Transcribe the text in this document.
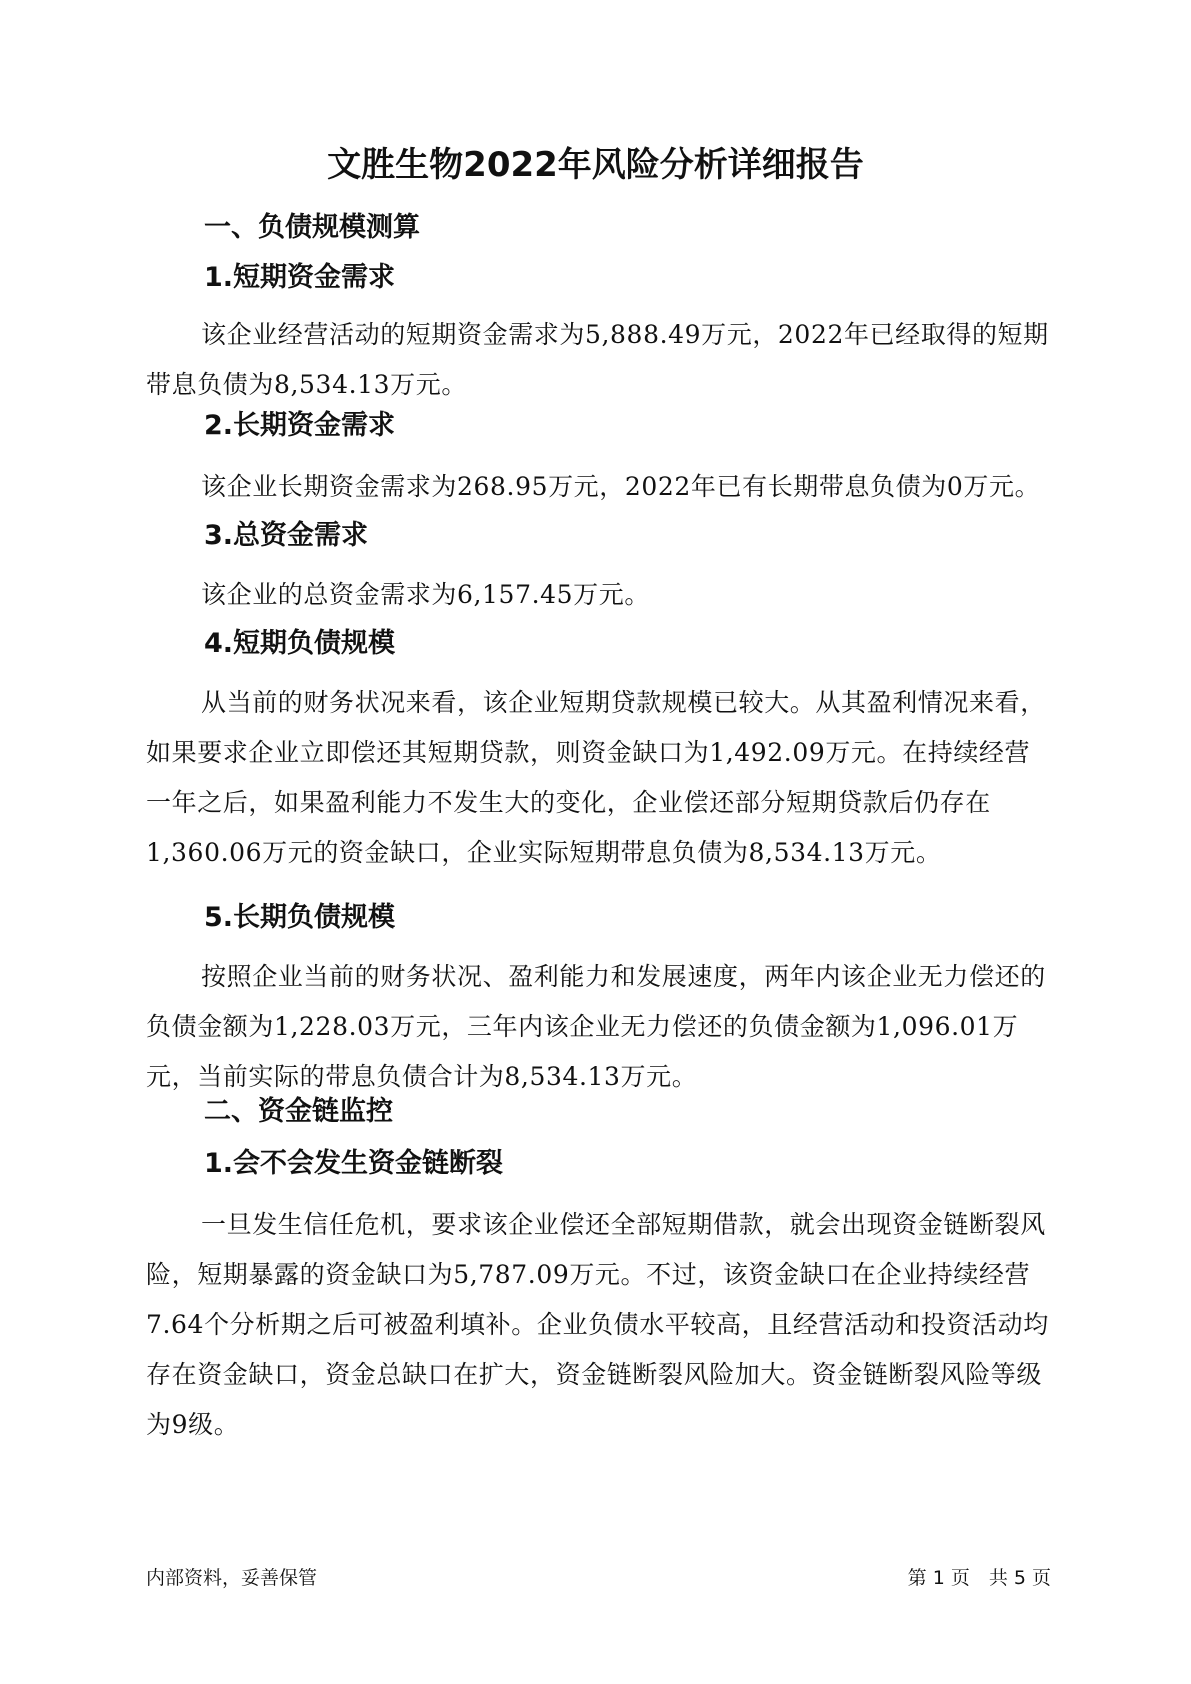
文胜生物2022年风险分析详细报告
一、负债规模测算
1.短期资金需求

该企业经营活动的短期资金需求为5,888.49万元，2022年已经取得的短期带息负债为8,534.13万元。

2.长期资金需求

该企业长期资金需求为268.95万元，2022年已有长期带息负债为0万元。

3.总资金需求

该企业的总资金需求为6,157.45万元。

4.短期负债规模

从当前的财务状况来看，该企业短期贷款规模已较大。从其盈利情况来看，如果要求企业立即偿还其短期贷款，则资金缺口为1,492.09万元。在持续经营一年之后，如果盈利能力不发生大的变化，企业偿还部分短期贷款后仍存在1,360.06万元的资金缺口，企业实际短期带息负债为8,534.13万元。

5.长期负债规模

按照企业当前的财务状况、盈利能力和发展速度，两年内该企业无力偿还的负债金额为1,228.03万元，三年内该企业无力偿还的负债金额为1,096.01万元，当前实际的带息负债合计为8,534.13万元。

二、资金链监控
1.会不会发生资金链断裂

一旦发生信任危机，要求该企业偿还全部短期借款，就会出现资金链断裂风险，短期暴露的资金缺口为5,787.09万元。不过，该资金缺口在企业持续经营 7.64个分析期之后可被盈利填补。企业负债水平较高，且经营活动和投资活动均存在资金缺口，资金总缺口在扩大，资金链断裂风险加大。资金链断裂风险等级为9级。

内部资料，妥善保管	第 1 页　共 5 页
